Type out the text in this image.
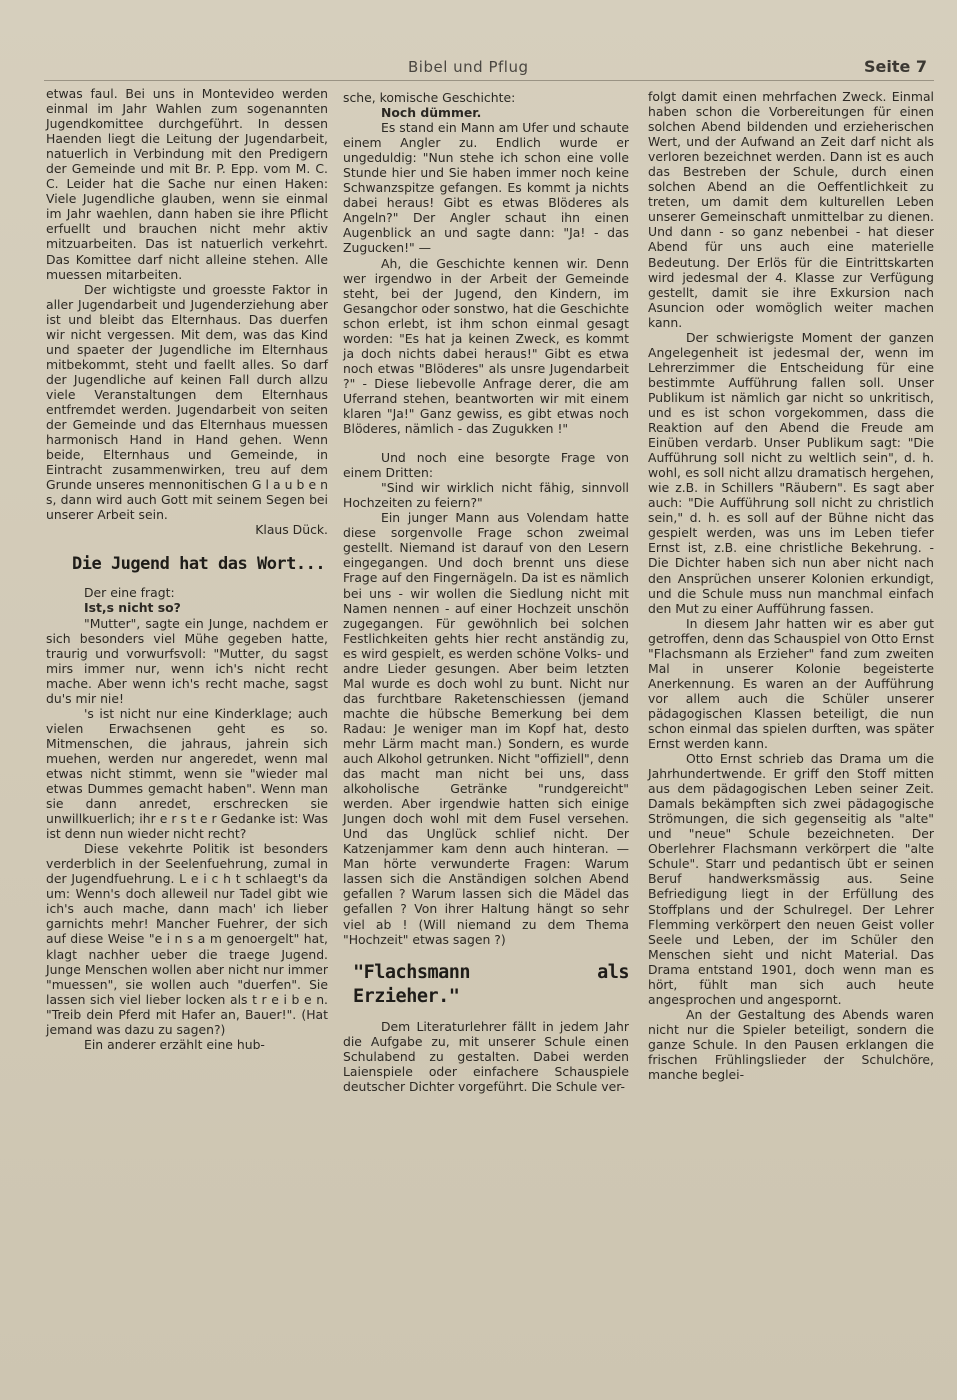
Bibel und Pflug	Seite 7

etwas faul. Bei uns in Montevideo werden einmal im Jahr Wahlen zum sogenannten Jugendkomittee durchgeführt. In dessen Haenden liegt die Leitung der Jugendarbeit, natuerlich in Verbindung mit den Predigern der Gemeinde und mit Br. P. Epp. vom M. C. C. Leider hat die Sache nur einen Haken: Viele Jugendliche glauben, wenn sie einmal im Jahr waehlen, dann haben sie ihre Pflicht erfuellt und brauchen nicht mehr aktiv mitzuarbeiten. Das ist natuerlich verkehrt. Das Komittee darf nicht alleine stehen. Alle muessen mitarbeiten.

Der wichtigste und groesste Faktor in aller Jugendarbeit und Jugenderziehung aber ist und bleibt das Elternhaus. Das duerfen wir nicht vergessen. Mit dem, was das Kind und spaeter der Jugendliche im Elternhaus mitbekommt, steht und faellt alles. So darf der Jugendliche auf keinen Fall durch allzu viele Veranstaltungen dem Elternhaus entfremdet werden. Jugendarbeit von seiten der Gemeinde und das Elternhaus muessen harmonisch Hand in Hand gehen. Wenn beide, Elternhaus und Gemeinde, in Eintracht zusammenwirken, treu auf dem Grunde unseres mennonitischen G l a u b e n s, dann wird auch Gott mit seinem Segen bei unserer Arbeit sein.

Klaus Dück.

Die Jugend hat das Wort...

Der eine fragt:

Ist,s nicht so?

"Mutter", sagte ein Junge, nachdem er sich besonders viel Mühe gegeben hatte, traurig und vorwurfsvoll: "Mutter, du sagst mirs immer nur, wenn ich's nicht recht mache. Aber wenn ich's recht mache, sagst du's mir nie!

's ist nicht nur eine Kinderklage; auch vielen Erwachsenen geht es so. Mitmenschen, die jahraus, jahrein sich muehen, werden nur angeredet, wenn mal etwas nicht stimmt, wenn sie "wieder mal etwas Dummes gemacht haben". Wenn man sie dann anredet, erschrecken sie unwillkuerlich; ihr e r s t e r Gedanke ist: Was ist denn nun wieder nicht recht?

Diese vekehrte Politik ist besonders verderblich in der Seelenfuehrung, zumal in der Jugendfuehrung. L e i c h t schlaegt's da um: Wenn's doch alleweil nur Tadel gibt wie ich's auch mache, dann mach' ich lieber garnichts mehr! Mancher Fuehrer, der sich auf diese Weise "e i n s a m genoergelt" hat, klagt nachher ueber die traege Jugend. Junge Menschen wollen aber nicht nur immer "muessen", sie wollen auch "duerfen". Sie lassen sich viel lieber locken als t r e i b e n. "Treib dein Pferd mit Hafer an, Bauer!". (Hat jemand was dazu zu sagen?)

Ein anderer erzählt eine hub-

sche, komische Geschichte:

Noch dümmer.

Es stand ein Mann am Ufer und schaute einem Angler zu. Endlich wurde er ungeduldig: "Nun stehe ich schon eine volle Stunde hier und Sie haben immer noch keine Schwanzspitze gefangen. Es kommt ja nichts dabei heraus! Gibt es etwas Blöderes als Angeln?" Der Angler schaut ihn einen Augenblick an und sagte dann: "Ja! - das Zugucken!" —

Ah, die Geschichte kennen wir. Denn wer irgendwo in der Arbeit der Gemeinde steht, bei der Jugend, den Kindern, im Gesangchor oder sonstwo, hat die Geschichte schon erlebt, ist ihm schon einmal gesagt worden: "Es hat ja keinen Zweck, es kommt ja doch nichts dabei heraus!" Gibt es etwa noch etwas "Blöderes" als unsre Jugendarbeit ?" - Diese liebevolle Anfrage derer, die am Uferrand stehen, beantworten wir mit einem klaren "Ja!" Ganz gewiss, es gibt etwas noch Blöderes, nämlich - das Zugukken !"

Und noch eine besorgte Frage von einem Dritten:

"Sind wir wirklich nicht fähig, sinnvoll Hochzeiten zu feiern?"

Ein junger Mann aus Volendam hatte diese sorgenvolle Frage schon zweimal gestellt. Niemand ist darauf von den Lesern eingegangen. Und doch brennt uns diese Frage auf den Fingernägeln. Da ist es nämlich bei uns - wir wollen die Siedlung nicht mit Namen nennen - auf einer Hochzeit unschön zugegangen. Für gewöhnlich bei solchen Festlichkeiten gehts hier recht anständig zu, es wird gespielt, es werden schöne Volks- und andre Lieder gesungen. Aber beim letzten Mal wurde es doch wohl zu bunt. Nicht nur das furchtbare Raketenschiessen (jemand machte die hübsche Bemerkung bei dem Radau: Je weniger man im Kopf hat, desto mehr Lärm macht man.) Sondern, es wurde auch Alkohol getrunken. Nicht "offiziell", denn das macht man nicht bei uns, dass alkoholische Getränke "rundgereicht" werden. Aber irgendwie hatten sich einige Jungen doch wohl mit dem Fusel versehen. Und das Unglück schlief nicht. Der Katzenjammer kam denn auch hinteran. — Man hörte verwunderte Fragen: Warum lassen sich die Anständigen solchen Abend gefallen ? Warum lassen sich die Mädel das gefallen ? Von ihrer Haltung hängt so sehr viel ab ! (Will niemand zu dem Thema "Hochzeit" etwas sagen ?)

"Flachsmann als Erzieher."

Dem Literaturlehrer fällt in jedem Jahr die Aufgabe zu, mit unserer Schule einen Schulabend zu gestalten. Dabei werden Laienspiele oder einfachere Schauspiele deutscher Dichter vorgeführt. Die Schule ver-

folgt damit einen mehrfachen Zweck. Einmal haben schon die Vorbereitungen für einen solchen Abend bildenden und erzieherischen Wert, und der Aufwand an Zeit darf nicht als verloren bezeichnet werden. Dann ist es auch das Bestreben der Schule, durch einen solchen Abend an die Oeffentlichkeit zu treten, um damit dem kulturellen Leben unserer Gemeinschaft unmittelbar zu dienen. Und dann - so ganz nebenbei - hat dieser Abend für uns auch eine materielle Bedeutung. Der Erlös für die Eintrittskarten wird jedesmal der 4. Klasse zur Verfügung gestellt, damit sie ihre Exkursion nach Asuncion oder womöglich weiter machen kann.

Der schwierigste Moment der ganzen Angelegenheit ist jedesmal der, wenn im Lehrerzimmer die Entscheidung für eine bestimmte Aufführung fallen soll. Unser Publikum ist nämlich gar nicht so unkritisch, und es ist schon vorgekommen, dass die Reaktion auf den Abend die Freude am Einüben verdarb. Unser Publikum sagt: "Die Aufführung soll nicht zu weltlich sein", d. h. wohl, es soll nicht allzu dramatisch hergehen, wie z.B. in Schillers "Räubern". Es sagt aber auch: "Die Aufführung soll nicht zu christlich sein," d. h. es soll auf der Bühne nicht das gespielt werden, was uns im Leben tiefer Ernst ist, z.B. eine christliche Bekehrung. - Die Dichter haben sich nun aber nicht nach den Ansprüchen unserer Kolonien erkundigt, und die Schule muss nun manchmal einfach den Mut zu einer Aufführung fassen.

In diesem Jahr hatten wir es aber gut getroffen, denn das Schauspiel von Otto Ernst "Flachsmann als Erzieher" fand zum zweiten Mal in unserer Kolonie begeisterte Anerkennung. Es waren an der Aufführung vor allem auch die Schüler unserer pädagogischen Klassen beteiligt, die nun schon einmal das spielen durften, was später Ernst werden kann.

Otto Ernst schrieb das Drama um die Jahrhundertwende. Er griff den Stoff mitten aus dem pädagogischen Leben seiner Zeit. Damals bekämpften sich zwei pädagogische Strömungen, die sich gegenseitig als "alte" und "neue" Schule bezeichneten. Der Oberlehrer Flachsmann verkörpert die "alte Schule". Starr und pedantisch übt er seinen Beruf handwerksmässig aus. Seine Befriedigung liegt in der Erfüllung des Stoffplans und der Schulregel. Der Lehrer Flemming verkörpert den neuen Geist voller Seele und Leben, der im Schüler den Menschen sieht und nicht Material. Das Drama entstand 1901, doch wenn man es hört, fühlt man sich auch heute angesprochen und angespornt.

An der Gestaltung des Abends waren nicht nur die Spieler beteiligt, sondern die ganze Schule. In den Pausen erklangen die frischen Frühlingslieder der Schulchöre, manche beglei-
